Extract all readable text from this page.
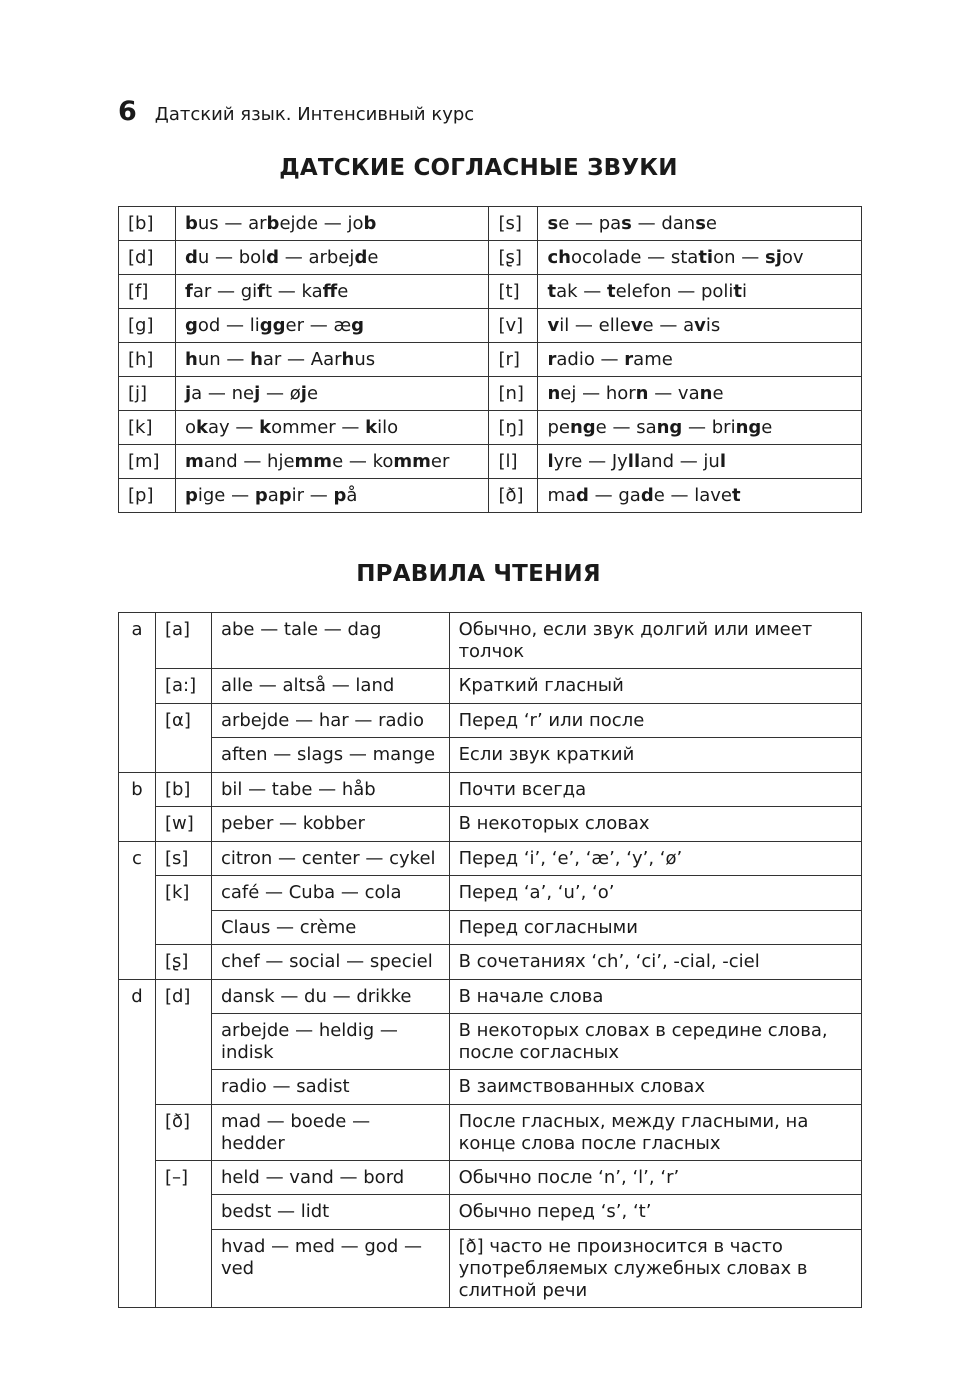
6 Датский язык. Интенсивный курс
ДАТСКИЕ СОГЛАСНЫЕ ЗВУКИ
[b]	bus — arbejde — job	[s]	se — pas — danse
[d]	du — bold — arbejde	[ʂ]	chocolade — station — sjov
[f]	far — gift — kaffe	[t]	tak — telefon — politi
[g]	god — ligger — æg	[v]	vil — elleve — avis
[h]	hun — har — Aarhus	[r]	radio — rame
[j]	ja — nej — øje	[n]	nej — horn — vane
[k]	okay — kommer — kilo	[ŋ]	penge — sang — bringe
[m]	mand — hjemme — kommer	[l]	lyre — Jylland — jul
[p]	pige — papir — på	[ð]	mad — gade — lavet
ПРАВИЛА ЧТЕНИЯ
a	[a]	abe — tale — dag	Обычно, если звук долгий или имеет толчок
	[a:]	alle — altså — land	Краткий гласный
	[α]	arbejde — har — radio	Перед ‘r’ или после
		aften — slags — mange	Если звук краткий
b	[b]	bil — tabe — håb	Почти всегда
	[w]	peber — kobber	В некоторых словах
c	[s]	citron — center — cykel	Перед ‘i’, ‘e’, ‘æ’, ‘y’, ‘ø’
	[k]	café — Cuba — cola	Перед ‘a’, ‘u’, ‘o’
		Claus — crème	Перед согласными
	[ʂ]	chef — social — speciel	В сочетаниях ‘ch’, ‘ci’, -cial, -ciel
d	[d]	dansk — du — drikke	В начале слова
		arbejde — heldig — indisk	В некоторых словах в середине слова, после согласных
		radio — sadist	В заимствованных словах
	[ð]	mad — boede — hedder	После гласных, между гласными, на конце слова после гласных
	[–]	held — vand — bord	Обычно после ‘n’, ‘l’, ‘r’
		bedst — lidt	Обычно перед ‘s’, ‘t’
		hvad — med — god — ved	[ð] часто не произносится в часто употребляемых служебных словах в слитной речи
